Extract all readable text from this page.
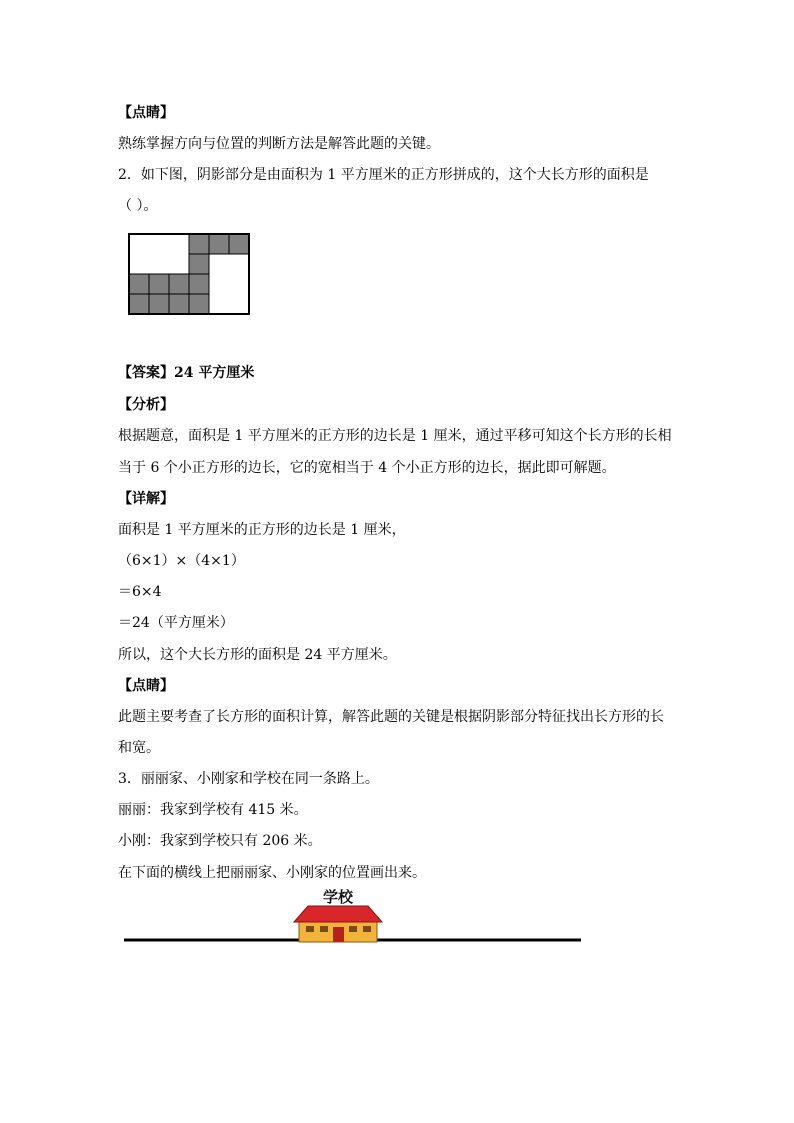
【点睛】
熟练掌握方向与位置的判断方法是解答此题的关键。
2．如下图，阴影部分是由面积为 1 平方厘米的正方形拼成的，这个大长方形的面积是
（ ）。
【答案】24 平方厘米
【分析】
根据题意，面积是 1 平方厘米的正方形的边长是 1 厘米，通过平移可知这个长方形的长相
当于 6 个小正方形的边长，它的宽相当于 4 个小正方形的边长，据此即可解题。
【详解】
面积是 1 平方厘米的正方形的边长是 1 厘米，
（6×1）×（4×1）
＝6×4
＝24（平方厘米）
所以，这个大长方形的面积是 24 平方厘米。
【点睛】
此题主要考查了长方形的面积计算，解答此题的关键是根据阴影部分特征找出长方形的长
和宽。
3．丽丽家、小刚家和学校在同一条路上。
丽丽：我家到学校有 415 米。
小刚：我家到学校只有 206 米。
在下面的横线上把丽丽家、小刚家的位置画出来。
学校
